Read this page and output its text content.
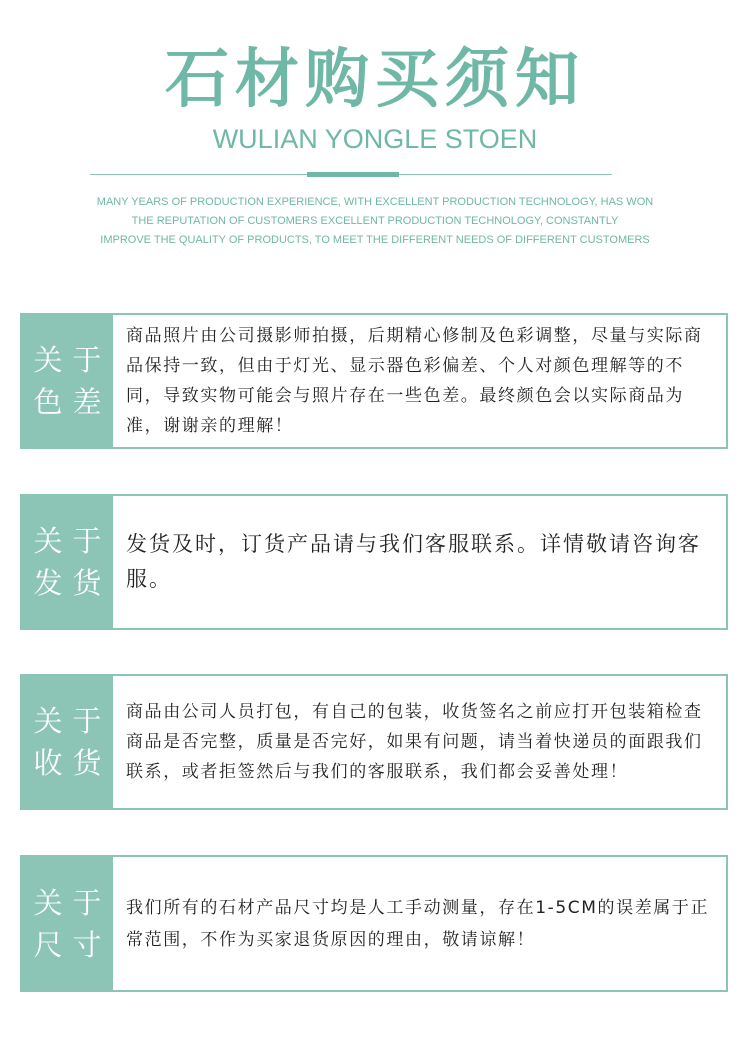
石材购买须知
WULIAN YONGLE STOEN
MANY YEARS OF PRODUCTION EXPERIENCE, WITH EXCELLENT PRODUCTION TECHNOLOGY, HAS WON
THE REPUTATION OF CUSTOMERS EXCELLENT PRODUCTION TECHNOLOGY, CONSTANTLY
IMPROVE THE QUALITY OF PRODUCTS, TO MEET THE DIFFERENT NEEDS OF DIFFERENT CUSTOMERS
关于
色差

商品照片由公司摄影师拍摄，后期精心修制及色彩调整，尽量与实际商品保持一致，但由于灯光、显示器色彩偏差、个人对颜色理解等的不同，导致实物可能会与照片存在一些色差。最终颜色会以实际商品为准，谢谢亲的理解！

关于
发货

发货及时，订货产品请与我们客服联系。详情敬请咨询客服。

关于
收货

商品由公司人员打包，有自己的包装，收货签名之前应打开包装箱检查商品是否完整，质量是否完好，如果有问题，请当着快递员的面跟我们联系，或者拒签然后与我们的客服联系，我们都会妥善处理！

关于
尺寸

我们所有的石材产品尺寸均是人工手动测量，存在1-5CM的误差属于正常范围，不作为买家退货原因的理由，敬请谅解！
